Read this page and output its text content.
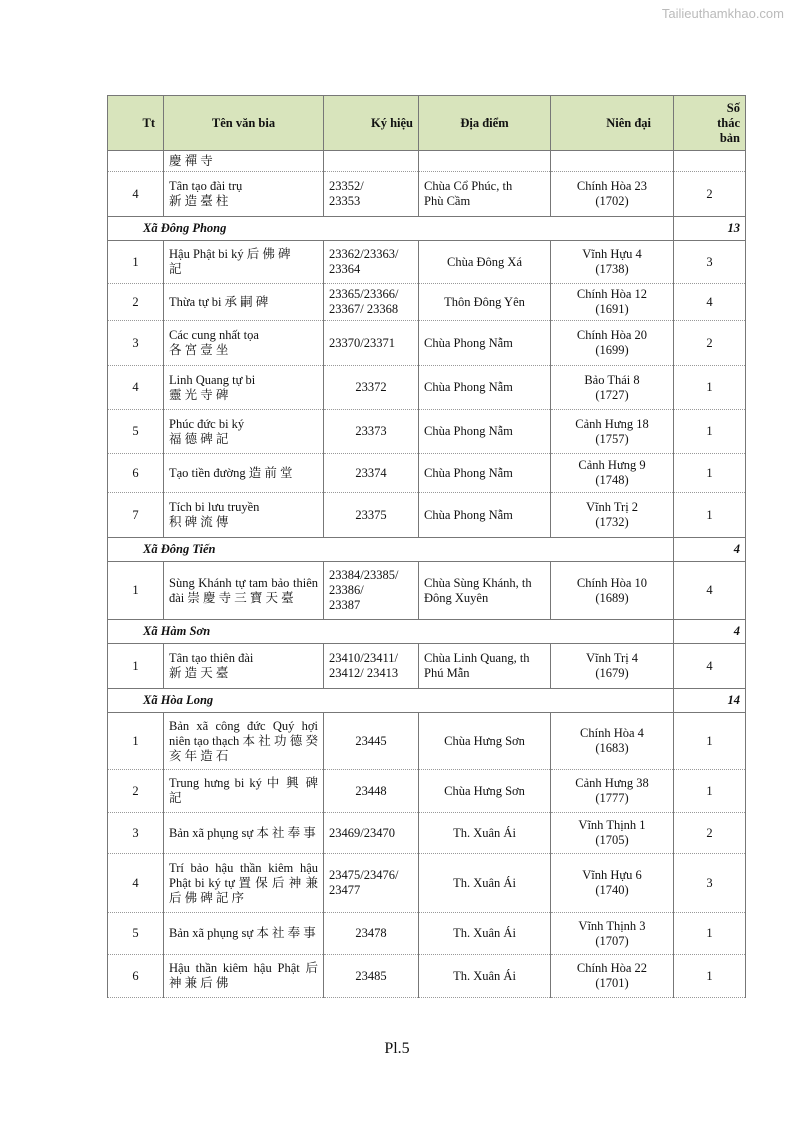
Tailieuthamkhao.com
Tt	Tên văn bia	Ký hiệu	Địa điểm	Niên đại	Số
thác
bản
	慶 禪 寺				
4	Tân tạo đài trụ
新 造 臺 柱	23352/
23353	Chùa Cổ Phúc, th
Phù Cầm	Chính Hòa 23
(1702)	2
Xã Đông Phong					13
1	Hậu Phật bi ký 后 佛 碑
記	23362/23363/
23364	Chùa Đông Xá	Vĩnh Hựu 4
(1738)	3
2	Thừa tự bi 承 嗣 碑	23365/23366/
23367/ 23368	Thôn Đông Yên	Chính Hòa 12
(1691)	4
3	Các cung nhất tọa
各 宮 壹 坐	23370/23371	Chùa Phong Nẫm	Chính Hòa 20
(1699)	2
4	Linh Quang tự bi
靈 光 寺 碑	23372	Chùa Phong Nẫm	Bảo Thái 8
(1727)	1
5	Phúc đức bi ký
福 德 碑 記	23373	Chùa Phong Nẫm	Cảnh Hưng 18
(1757)	1
6	Tạo tiền đường 造 前 堂	23374	Chùa Phong Nẫm	Cảnh Hưng 9
(1748)	1
7	Tích bi lưu truyền
积 碑 流 傳	23375	Chùa Phong Nẫm	Vĩnh Trị 2
(1732)	1
Xã Đông Tiến					4
1	Sùng Khánh tự tam bảo thiên đài 崇 慶 寺 三 寶 天 臺	23384/23385/
23386/
23387	Chùa Sùng Khánh, th
Đông Xuyên	Chính Hòa 10
(1689)	4
Xã Hàm Sơn					4
1	Tân tạo thiên đài
新 造 天 臺	23410/23411/
23412/ 23413	Chùa Linh Quang, th
Phú Mẫn	Vĩnh Trị 4
(1679)	4
Xã Hòa Long					14
1	Bản xã công đức Quý hợi niên tạo thạch 本 社 功 德 癸 亥 年 造 石	23445	Chùa Hưng Sơn	Chính Hòa 4
(1683)	1
2	Trung hưng bi ký 中 興 碑 記	23448	Chùa Hưng Sơn	Cảnh Hưng 38
(1777)	1
3	Bản xã phụng sự 本 社 奉 事	23469/23470	Th. Xuân Ái	Vĩnh Thịnh 1
(1705)	2
4	Trí bảo hậu thần kiêm hậu Phật bi ký tự 置 保 后 神 兼 后 佛 碑 記 序	23475/23476/
23477	Th. Xuân Ái	Vĩnh Hựu 6
(1740)	3
5	Bản xã phụng sự 本 社 奉 事	23478	Th. Xuân Ái	Vĩnh Thịnh 3
(1707)	1
6	Hậu thần kiêm hậu Phật 后 神 兼 后 佛	23485	Th. Xuân Ái	Chính Hòa 22
(1701)	1
Pl.5
